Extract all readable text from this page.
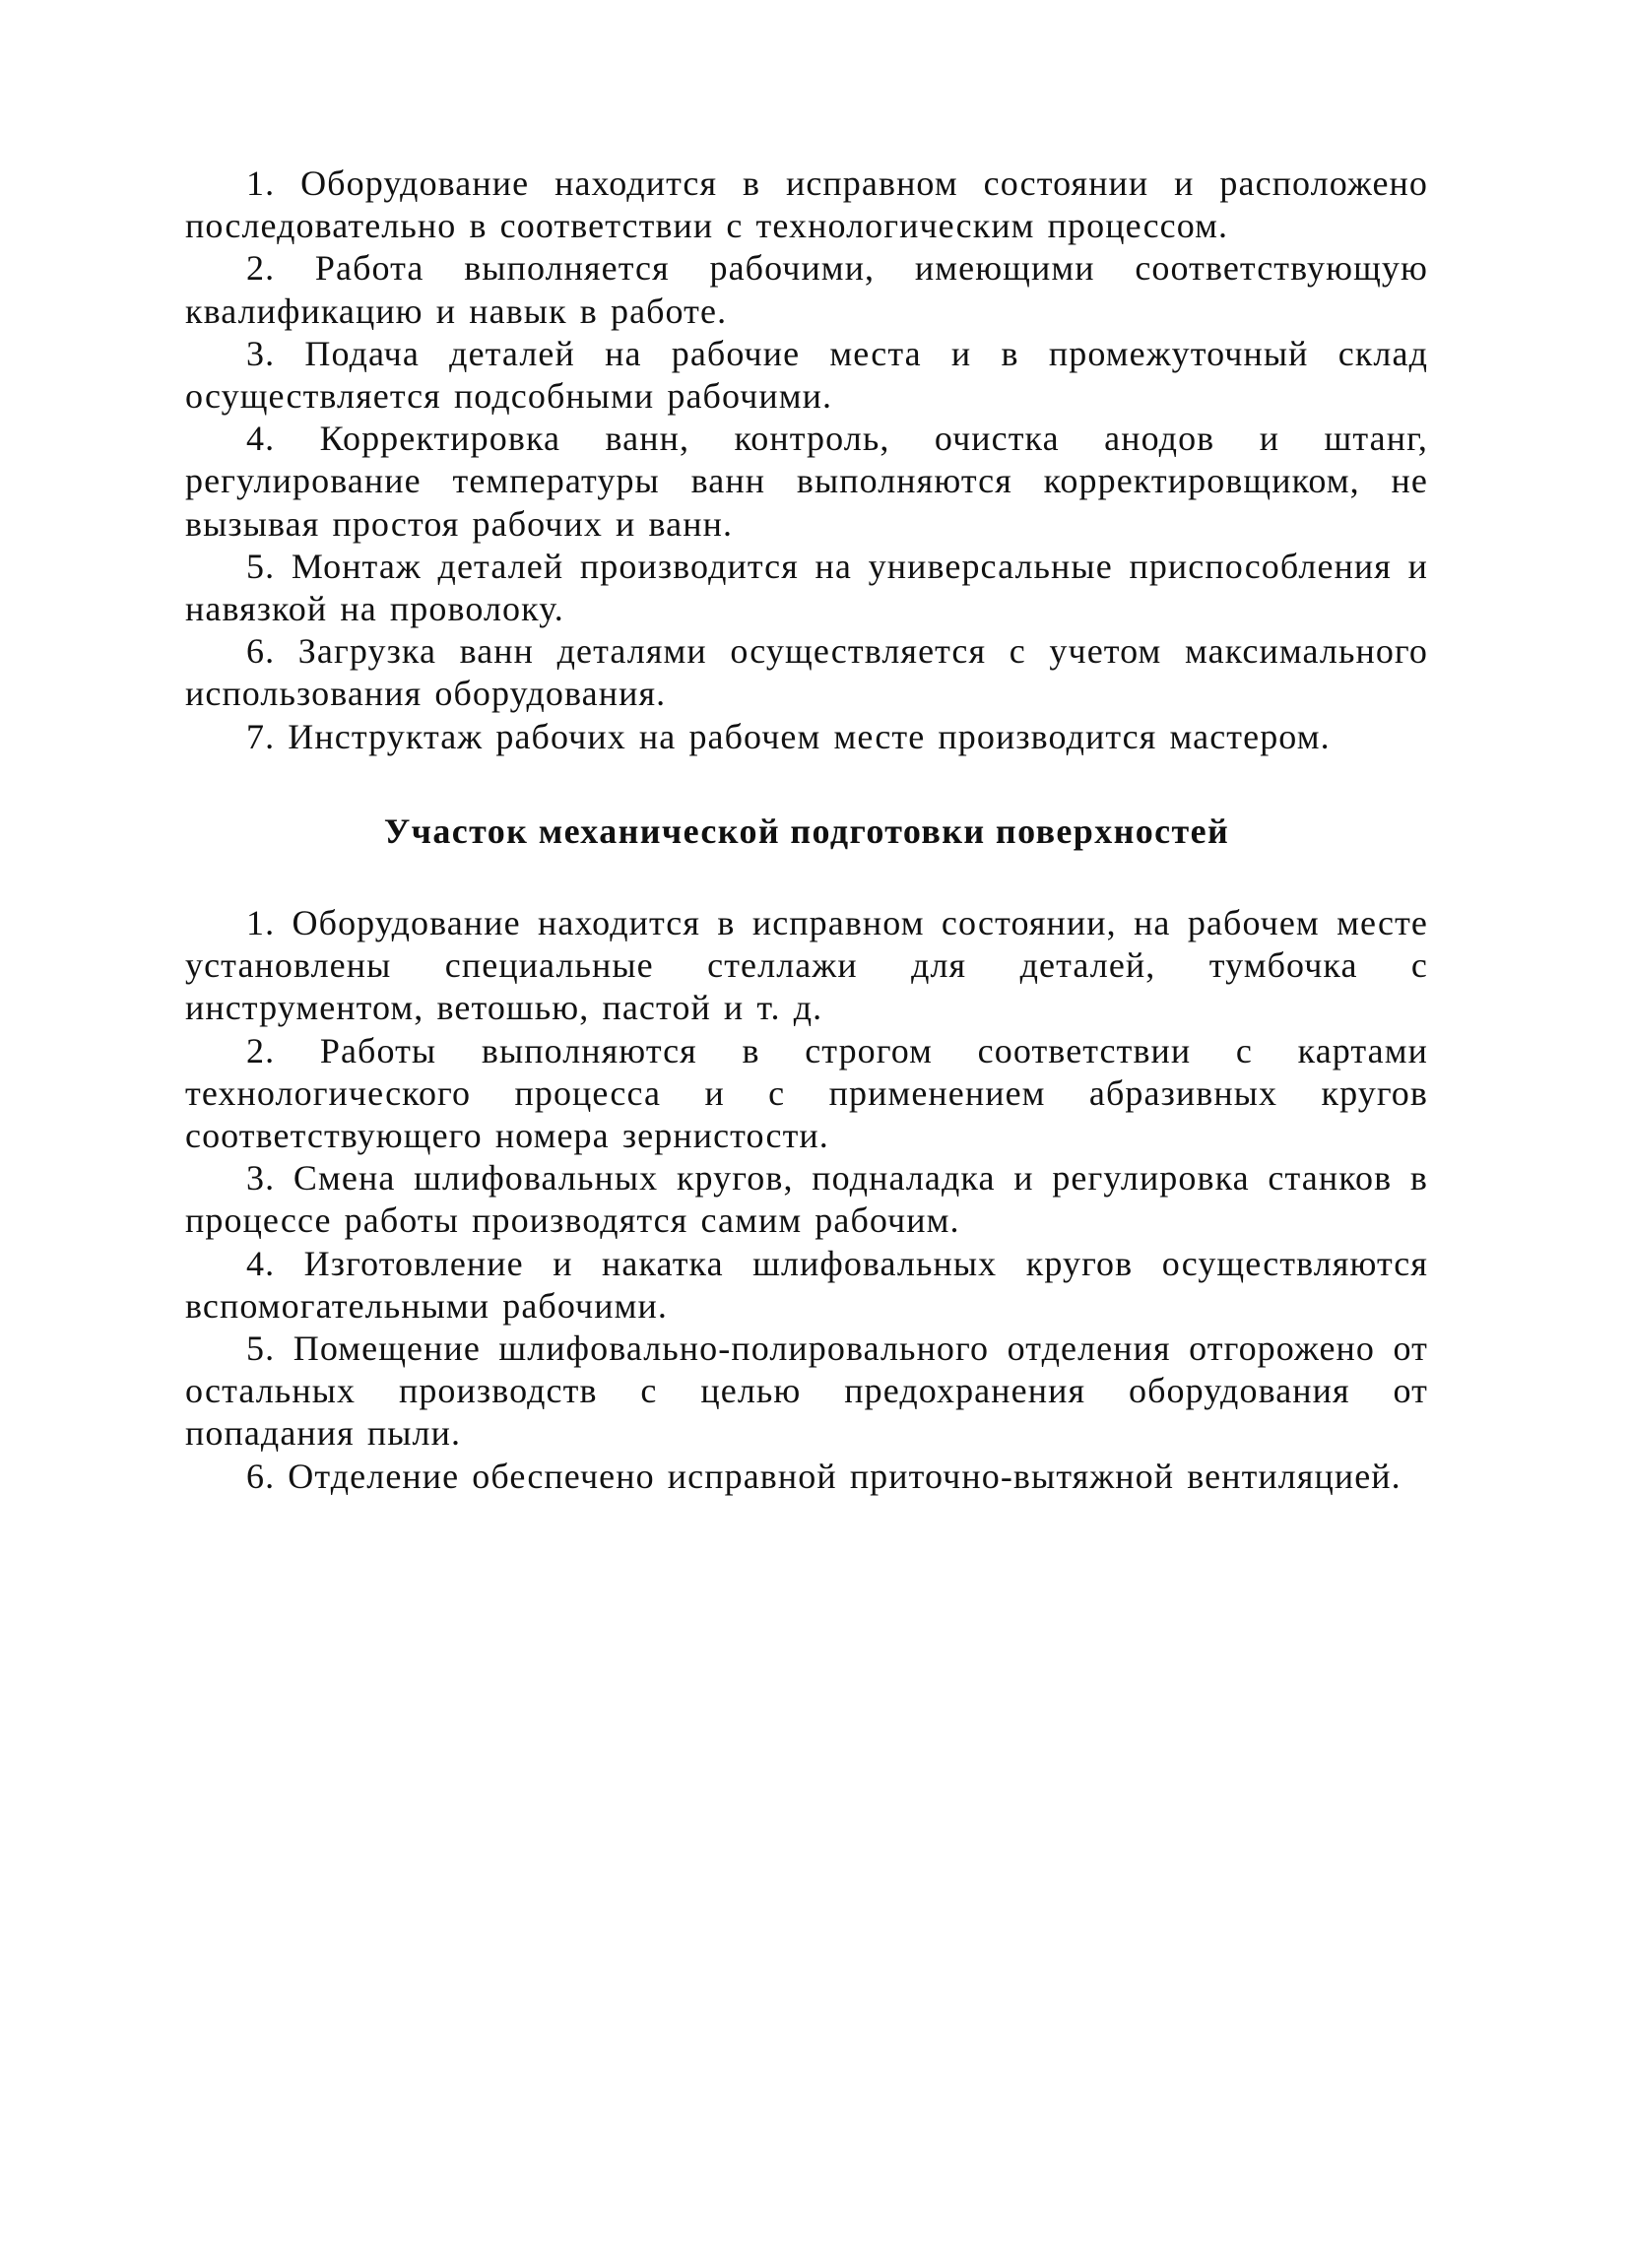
1. Оборудование находится в исправном состоянии и расположено последовательно в соответствии с технологическим процессом.

2. Работа выполняется рабочими, имеющими соответствующую квалификацию и навык в работе.

3. Подача деталей на рабочие места и в промежуточный склад осуществляется подсобными рабочими.

4. Корректировка ванн, контроль, очистка анодов и штанг, регулирование температуры ванн выполняются корректировщиком, не вызывая простоя рабочих и ванн.

5. Монтаж деталей производится на универсальные приспособления и навязкой на проволоку.

6. Загрузка ванн деталями осуществляется с учетом максимального использования оборудования.

7. Инструктаж рабочих на рабочем месте производится мастером.

Участок механической подготовки поверхностей

1. Оборудование находится в исправном состоянии, на рабочем месте установлены специальные стеллажи для деталей, тумбочка с инструментом, ветошью, пастой и т. д.

2. Работы выполняются в строгом соответствии с картами технологического процесса и с применением абразивных кругов соответствующего номера зернистости.

3. Смена шлифовальных кругов, подналадка и регулировка станков в процессе работы производятся самим рабочим.

4. Изготовление и накатка шлифовальных кругов осуществляются вспомогательными рабочими.

5. Помещение шлифовально-полировального отделения отгорожено от остальных производств с целью предохранения оборудования от попадания пыли.

6. Отделение обеспечено исправной приточно-вытяжной вентиляцией.
